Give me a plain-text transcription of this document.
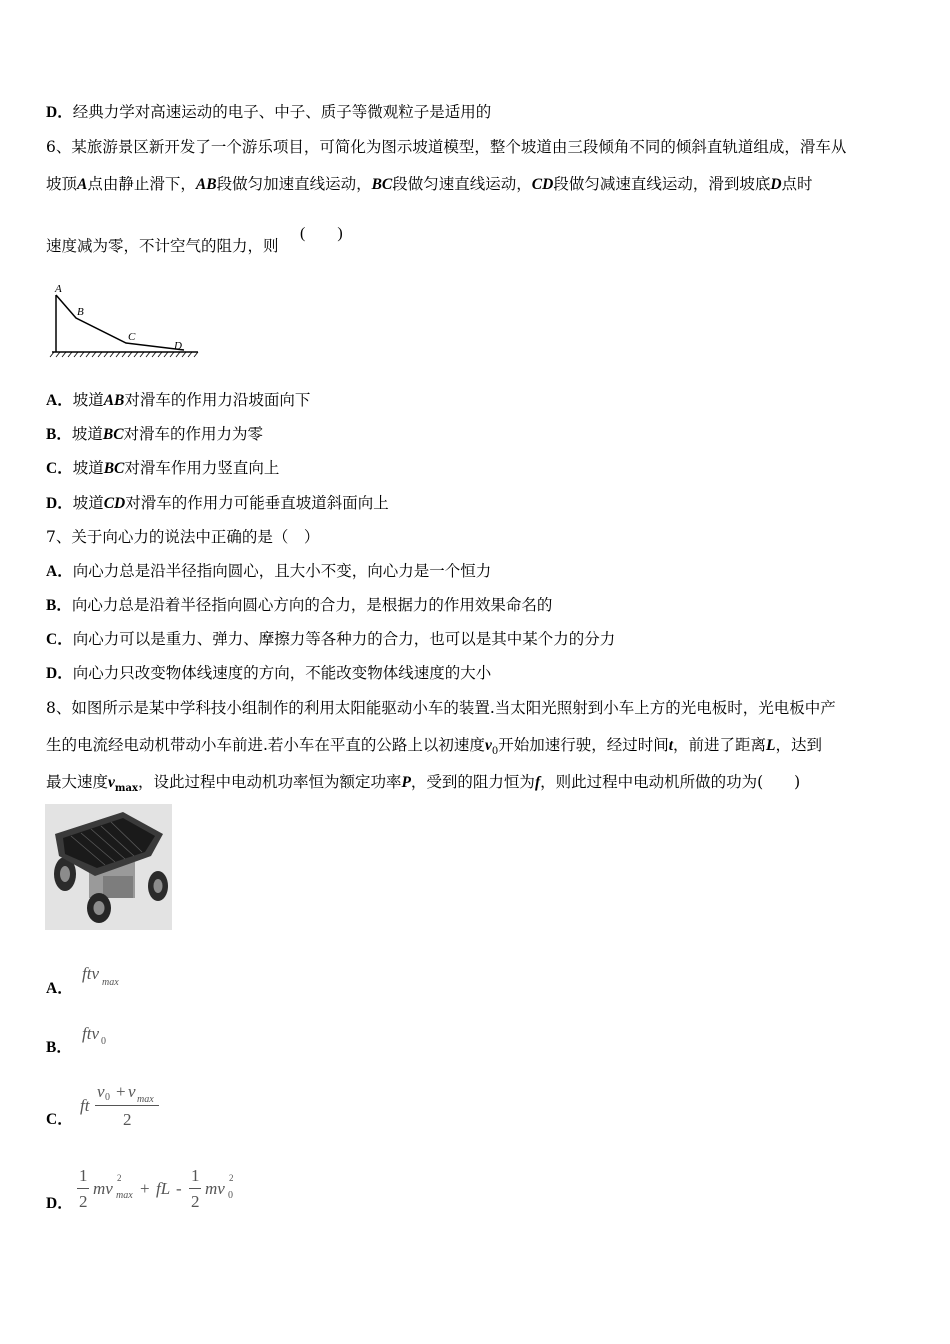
D．经典力学对高速运动的电子、中子、质子等微观粒子是适用的
6、某旅游景区新开发了一个游乐项目，可简化为图示坡道模型，整个坡道由三段倾角不同的倾斜直轨道组成，滑车从
坡顶A点由静止滑下，AB段做匀加速直线运动，BC段做匀速直线运动，CD段做匀减速直线运动，滑到坡底D点时
速度减为零，不计空气的阻力，则
(　　)
A
B
C
D
A．坡道AB对滑车的作用力沿坡面向下
B．坡道BC对滑车的作用力为零
C．坡道BC对滑车作用力竖直向上
D．坡道CD对滑车的作用力可能垂直坡道斜面向上
7、关于向心力的说法中正确的是（　）
A．向心力总是沿半径指向圆心，且大小不变，向心力是一个恒力
B．向心力总是沿着半径指向圆心方向的合力，是根据力的作用效果命名的
C．向心力可以是重力、弹力、摩擦力等各种力的合力，也可以是其中某个力的分力
D．向心力只改变物体线速度的方向，不能改变物体线速度的大小
8、如图所示是某中学科技小组制作的利用太阳能驱动小车的装置.当太阳光照射到小车上方的光电板时，光电板中产
生的电流经电动机带动小车前进.若小车在平直的公路上以初速度$v_0$开始加速行驶，经过时间t，前进了距离L，达到
最大速度$v_{max}$，设此过程中电动机功率恒为额定功率P，受到的阻力恒为f，则此过程中电动机所做的功为(　　)
A．
ftv max
B．
ftv 0
C．
ft
v 0 + v max
2
D．
1
2
mv
2
max + fL -
1
2
mv
2
0
